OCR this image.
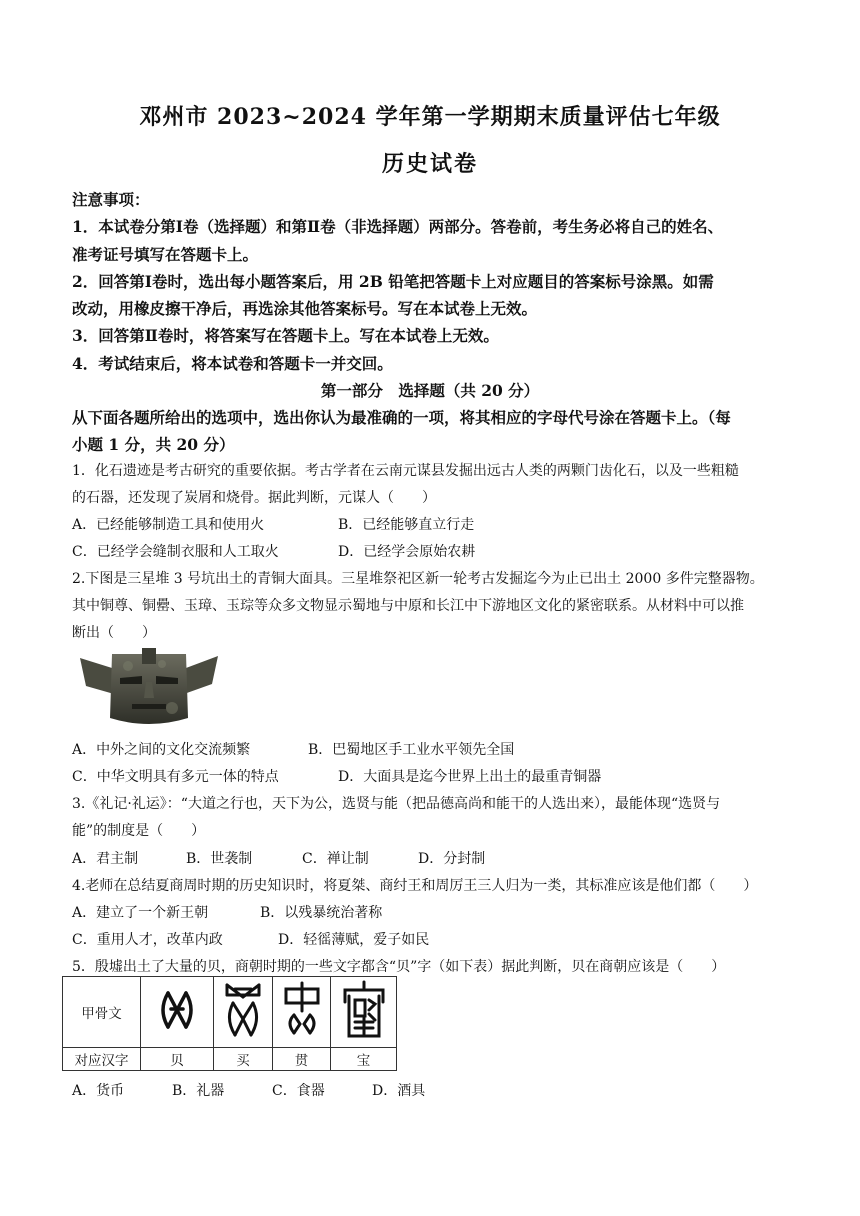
邓州市 2023~2024 学年第一学期期末质量评估七年级
历史试卷
注意事项：
1．本试卷分第Ⅰ卷（选择题）和第Ⅱ卷（非选择题）两部分。答卷前，考生务必将自己的姓名、
准考证号填写在答题卡上。
2．回答第Ⅰ卷时，选出每小题答案后，用 2B 铅笔把答题卡上对应题目的答案标号涂黑。如需
改动，用橡皮擦干净后，再选涂其他答案标号。写在本试卷上无效。
3．回答第Ⅱ卷时，将答案写在答题卡上。写在本试卷上无效。
4．考试结束后，将本试卷和答题卡一并交回。
第一部分　选择题（共 20 分）
从下面各题所给出的选项中，选出你认为最准确的一项，将其相应的字母代号涂在答题卡上。（每
小题 1 分，共 20 分）
1．化石遗迹是考古研究的重要依据。考古学者在云南元谋县发掘出远古人类的两颗门齿化石，以及一些粗糙
的石器，还发现了炭屑和烧骨。据此判断，元谋人（　　）
A．已经能够制造工具和使用火	B．已经能够直立行走
C．已经学会缝制衣服和人工取火	D．已经学会原始农耕
2.下图是三星堆 3 号坑出土的青铜大面具。三星堆祭祀区新一轮考古发掘迄今为止已出土 2000 多件完整器物。
其中铜尊、铜罍、玉璋、玉琮等众多文物显示蜀地与中原和长江中下游地区文化的紧密联系。从材料中可以推
断出（　　）
A．中外之间的文化交流频繁	B．巴蜀地区手工业水平领先全国
C．中华文明具有多元一体的特点	D．大面具是迄今世界上出土的最重青铜器
3.《礼记·礼运》：“大道之行也，天下为公，选贤与能（把品德高尚和能干的人选出来），最能体现“选贤与
能”的制度是（　　）
A．君主制	B．世袭制	C．禅让制	D．分封制
4.老师在总结夏商周时期的历史知识时，将夏桀、商纣王和周厉王三人归为一类，其标准应该是他们都（　　）
A．建立了一个新王朝	B．以残暴统治著称
C．重用人才，改革内政	D．轻徭薄赋，爱子如民
5．殷墟出土了大量的贝，商朝时期的一些文字都含“贝”字（如下表）据此判断，贝在商朝应该是（　　）
甲骨文				
对应汉字	贝	买	贯	宝
A．货币	B．礼器	C．食器	D．酒具
